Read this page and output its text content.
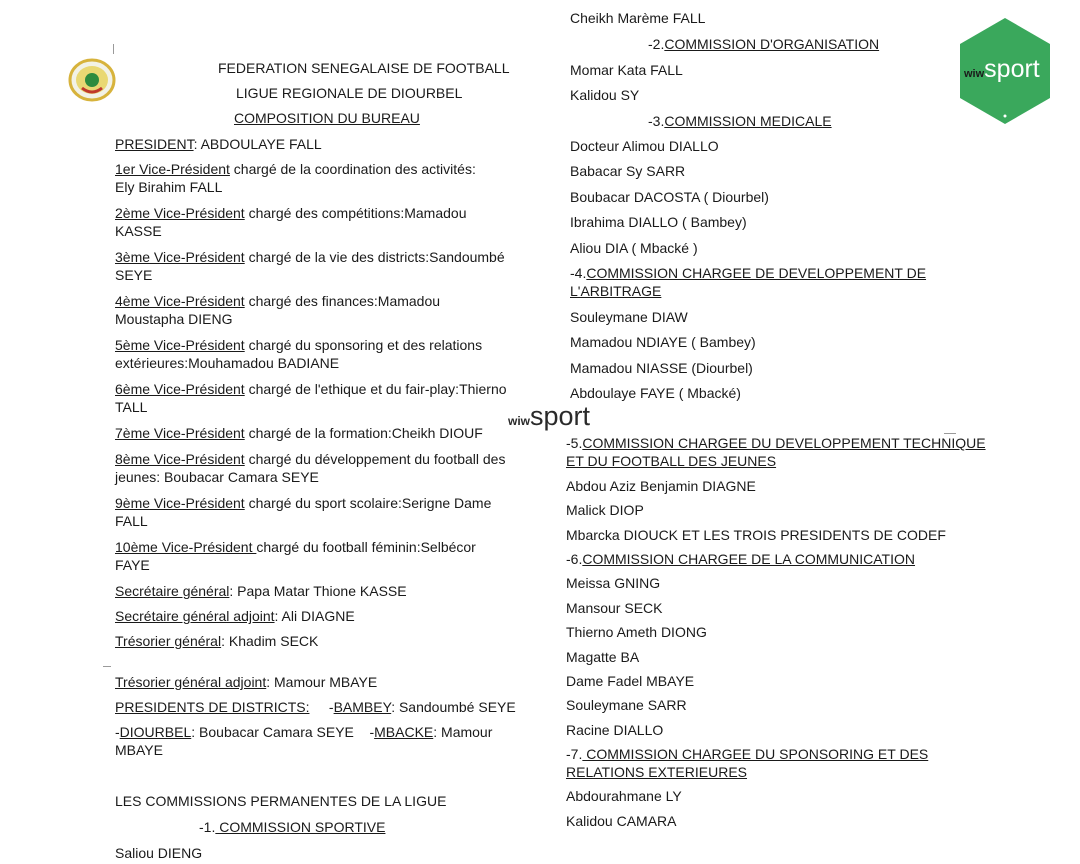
wiwsport
FEDERATION SENEGALAISE DE FOOTBALL
LIGUE REGIONALE DE DIOURBEL
COMPOSITION DU BUREAU
PRESIDENT: ABDOULAYE FALL
1er Vice-Président chargé de la coordination des activités:
Ely Birahim FALL
2ème Vice-Président chargé des compétitions:Mamadou
KASSE
3ème Vice-Président chargé de la vie des districts:Sandoumbé
SEYE
4ème Vice-Président chargé des finances:Mamadou
Moustapha DIENG
5ème Vice-Président chargé du sponsoring et des relations
extérieures:Mouhamadou BADIANE
6ème Vice-Président chargé de l'ethique et du fair-play:Thierno
TALL
7ème Vice-Président chargé de la formation:Cheikh DIOUF
8ème Vice-Président chargé du développement du football des
jeunes: Boubacar Camara SEYE
9ème Vice-Président chargé du sport scolaire:Serigne Dame
FALL
10ème Vice-Président chargé du football féminin:Selbécor
FAYE
Secrétaire général: Papa Matar Thione KASSE
Secrétaire général adjoint: Ali DIAGNE
Trésorier général: Khadim SECK
Trésorier général adjoint: Mamour MBAYE
PRESIDENTS DE DISTRICTS:     -BAMBEY: Sandoumbé SEYE
-DIOURBEL: Boubacar Camara SEYE    -MBACKE: Mamour
MBAYE
LES COMMISSIONS PERMANENTES DE LA LIGUE
-1. COMMISSION SPORTIVE
Saliou DIENG
Cheikh Marème FALL
-2.COMMISSION D'ORGANISATION
Momar Kata FALL
Kalidou SY
-3.COMMISSION MEDICALE
Docteur Alimou DIALLO
Babacar Sy SARR
Boubacar DACOSTA ( Diourbel)
Ibrahima DIALLO ( Bambey)
Aliou DIA ( Mbacké )
-4.COMMISSION CHARGEE DE DEVELOPPEMENT DE
L'ARBITRAGE
Souleymane DIAW
Mamadou NDIAYE ( Bambey)
Mamadou NIASSE (Diourbel)
Abdoulaye FAYE ( Mbacké)
wiwsport
-5.COMMISSION CHARGEE DU DEVELOPPEMENT TECHNIQUE
ET DU FOOTBALL DES JEUNES
Abdou Aziz Benjamin DIAGNE
Malick DIOP
Mbarcka DIOUCK ET LES TROIS PRESIDENTS DE CODEF
-6.COMMISSION CHARGEE DE LA COMMUNICATION
Meissa GNING
Mansour SECK
Thierno Ameth DIONG
Magatte BA
Dame Fadel MBAYE
Souleymane SARR
Racine DIALLO
-7. COMMISSION CHARGEE DU SPONSORING ET DES
RELATIONS EXTERIEURES
Abdourahmane LY
Kalidou CAMARA
